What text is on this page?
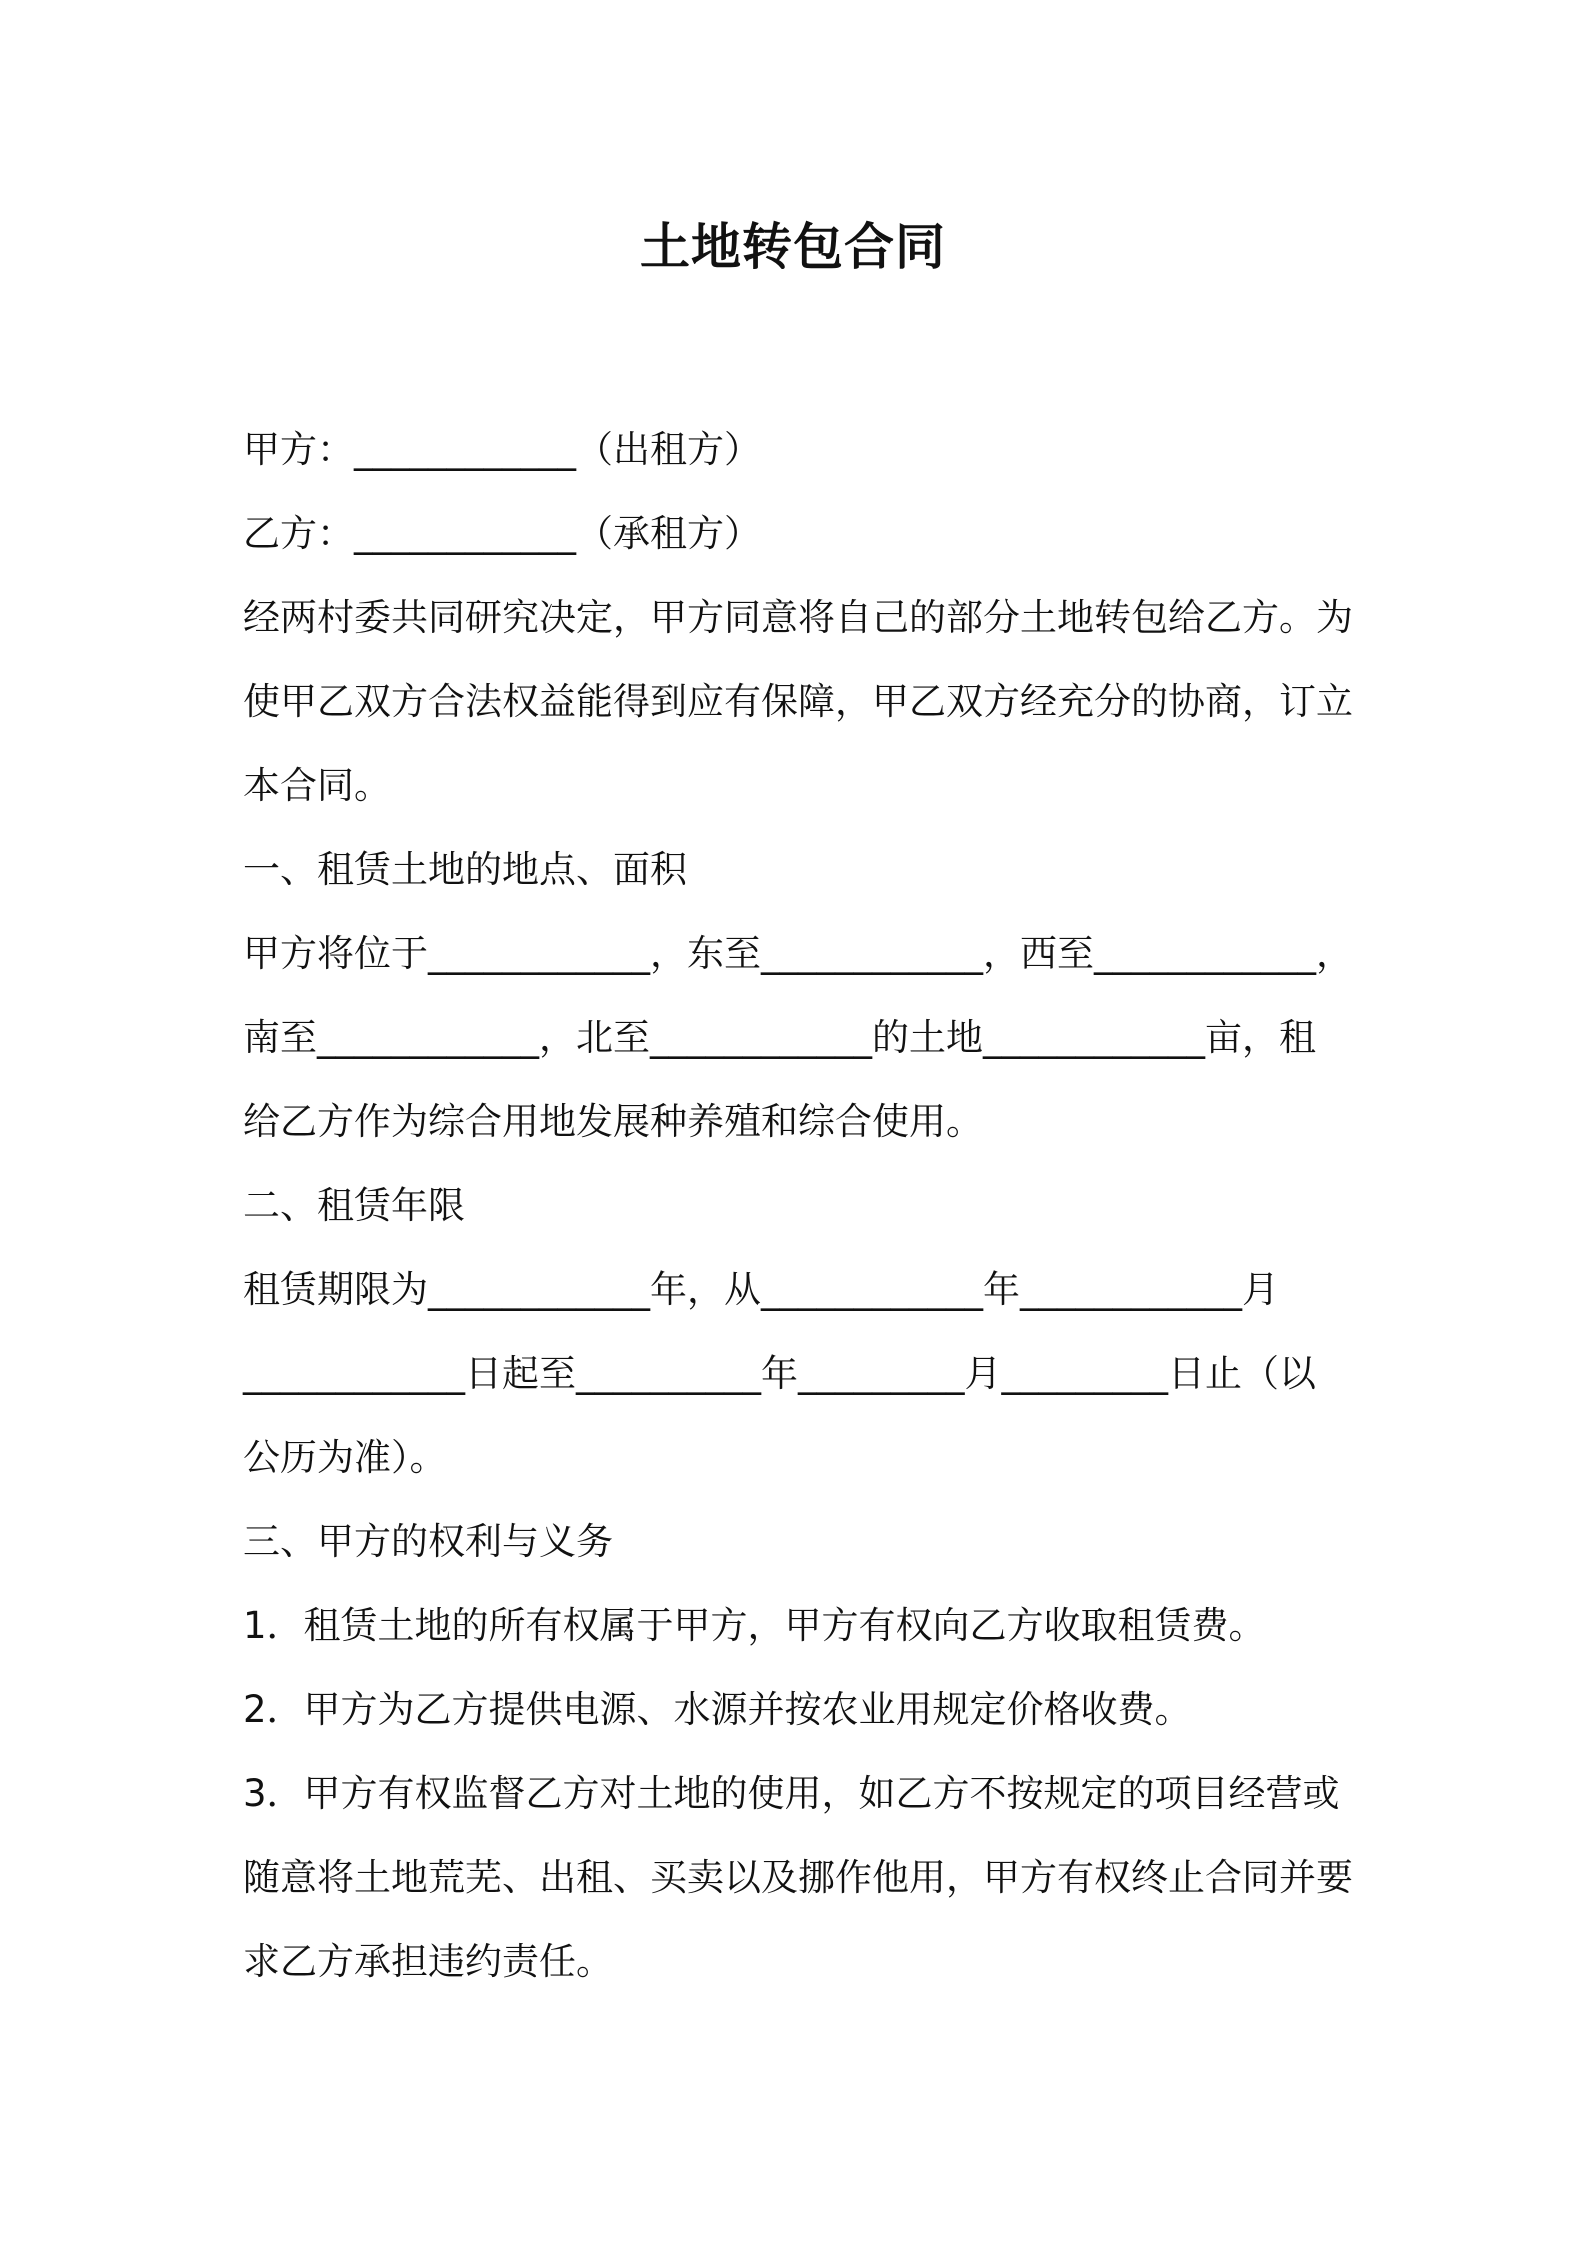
土地转包合同

甲方：____________（出租方）

乙方：____________（承租方）

经两村委共同研究决定，甲方同意将自己的部分土地转包给乙方。为

使甲乙双方合法权益能得到应有保障，甲乙双方经充分的协商，订立

本合同。

一、租赁土地的地点、面积

甲方将位于____________，东至____________，西至____________，

南至____________，北至____________的土地____________亩，租

给乙方作为综合用地发展种养殖和综合使用。

二、租赁年限

租赁期限为____________年，从____________年____________月

____________日起至__________年_________月_________日止（以

公历为准）。

三、甲方的权利与义务

1．租赁土地的所有权属于甲方，甲方有权向乙方收取租赁费。

2．甲方为乙方提供电源、水源并按农业用规定价格收费。

3．甲方有权监督乙方对土地的使用，如乙方不按规定的项目经营或

随意将土地荒芜、出租、买卖以及挪作他用，甲方有权终止合同并要

求乙方承担违约责任。
